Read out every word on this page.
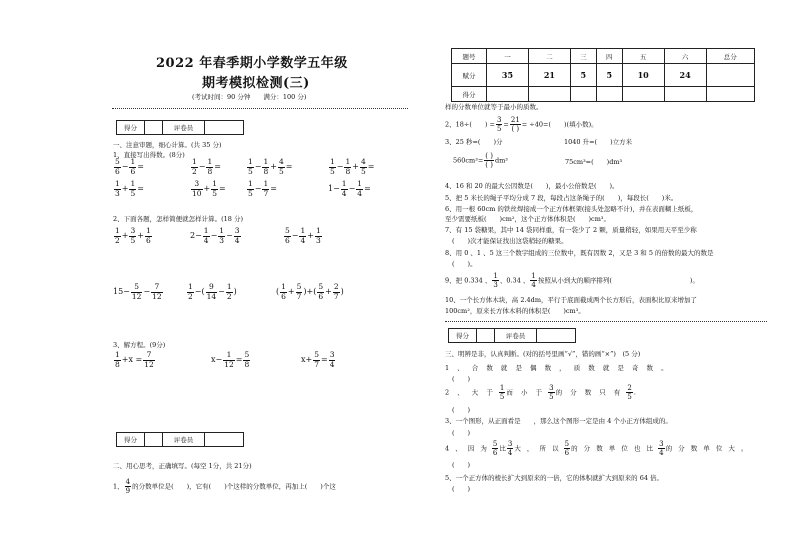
2022 年春季期小学数学五年级
期考模拟检测(三)
(考试时间：90 分钟　　满分：100 分)
得分		评卷员	
一、注意审题，细心计算。(共 35 分)
1、直接写出得数。(8分)
$\frac{5}{6} - \frac{1}{6}$ =	$\frac{1}{2} - \frac{1}{8}$ =	$\frac{1}{5} - \frac{1}{8} + \frac{4}{5}$ =	$\frac{1}{5} - \frac{1}{8} + \frac{4}{5}$ =
$\frac{1}{3} + \frac{1}{5}$ =	$\frac{3}{10} + \frac{1}{5}$ =	$\frac{1}{5} - \frac{1}{7}$ =	$1- \frac{1}{4} - \frac{1}{4}$ =
2、下面各题，怎样简便就怎样计算。(18 分)
$\frac{1}{2} + \frac{3}{5} + \frac{1}{6}$	$2- \frac{1}{4} - \frac{1}{3} - \frac{3}{4}$	$\frac{5}{6} - \frac{1}{4} + \frac{1}{3}$
$15- \frac{5}{12} - \frac{7}{12}$	$\frac{1}{2}$ −( $\frac{9}{14} - \frac{1}{2}$ )	( $\frac{1}{6} + \frac{5}{7}$ )+( $\frac{5}{6} + \frac{2}{7}$ )
3、解方程。(9分)
$\frac{1}{8} +x = \frac{7}{12}$	$x- \frac{1}{12} = \frac{5}{8}$	$x+ \frac{5}{7} = \frac{3}{4}$
得分		评卷员	
二、用心思考，正确填写。(每空 1分，共 21分)
1、 $\frac{4}{9}$ 的分数单位是(　　)，它有(　　)个这样的分数单位，再加上(　　)个这
题号	一	二	三	四	五	六	总分
赋分	35	21	5	5	10	24	
得分							
样的分数单位就等于最小的质数。
2、18÷(　　) = $\frac{3}{5} = \frac{21}{( )} = \div 40=$(　　)(填小数)。
3、25 秒=(　　)分	1040 升=(　　)立方米
$560cm^3= \frac{( )}{( )} dm^3$	75cm³=(　　)dm³
4、16 和 20 的最大公因数是(　　)，最小公倍数是(　　)。
5、把 5 米长的绳子平均分成 7 段，每段占这条绳子的(　　)，每段长(　　)米。
6、用一根 60cm 的铁丝焊接成一个正方体框架(接头处忽略不计)，并在表面糊上纸板，
至少需要纸板(　　)cm²，这个正方体体积是(　　)cm³。
7、有 15 袋糖果，其中 14 袋同样重，有一袋少了 2 颗，质量稍轻，如果用天平至少称
(　　)次才能保证找出这袋稍轻的糖果。
8、用 0 、1 、5 这三个数字组成的三位数中，既有因数 2，又是 3 和 5 的倍数的最大的数是
(　　)。
9、把 0.334 、 $\frac{1}{3}$ 、0.34 、 $\frac{1}{4}$ 按照从小到大的顺序排列(　　　　　　　　　　　　)。
10、一个长方体木块，高 2.4dm，平行于底面截成两个长方形后，表面积比原来增加了
100cm²，原来长方体木料的体积是(　　)cm³。
得分		评卷员	
三、明辨是非，认真判断。(对的括号里画“√”，错的画“×”)　(5 分)
1 、 合 数 就 是 偶 数 ， 质 数 就 是 奇 数 。
(　　)
2 、 大 于 $\frac{1}{5}$ 而 小 于 $\frac{3}{5}$ 的 分 数 只 有 $\frac{2}{5}$ .
(　　)
3、一个图形，从正面看是　　，那么这个图形一定是由 4 个小正方体组成的。
(　　)
4 、 因 为 $\frac{5}{6}$ 比 $\frac{3}{4}$ 大 ， 所 以 $\frac{5}{6}$ 的 分 数 单 位 也 比 $\frac{3}{4}$ 的 分 数 单 位 大 。
(　　)
5、一个正方体的棱长扩大到原来的一倍，它的体积就扩大到原来的 64 倍。
(　　)
